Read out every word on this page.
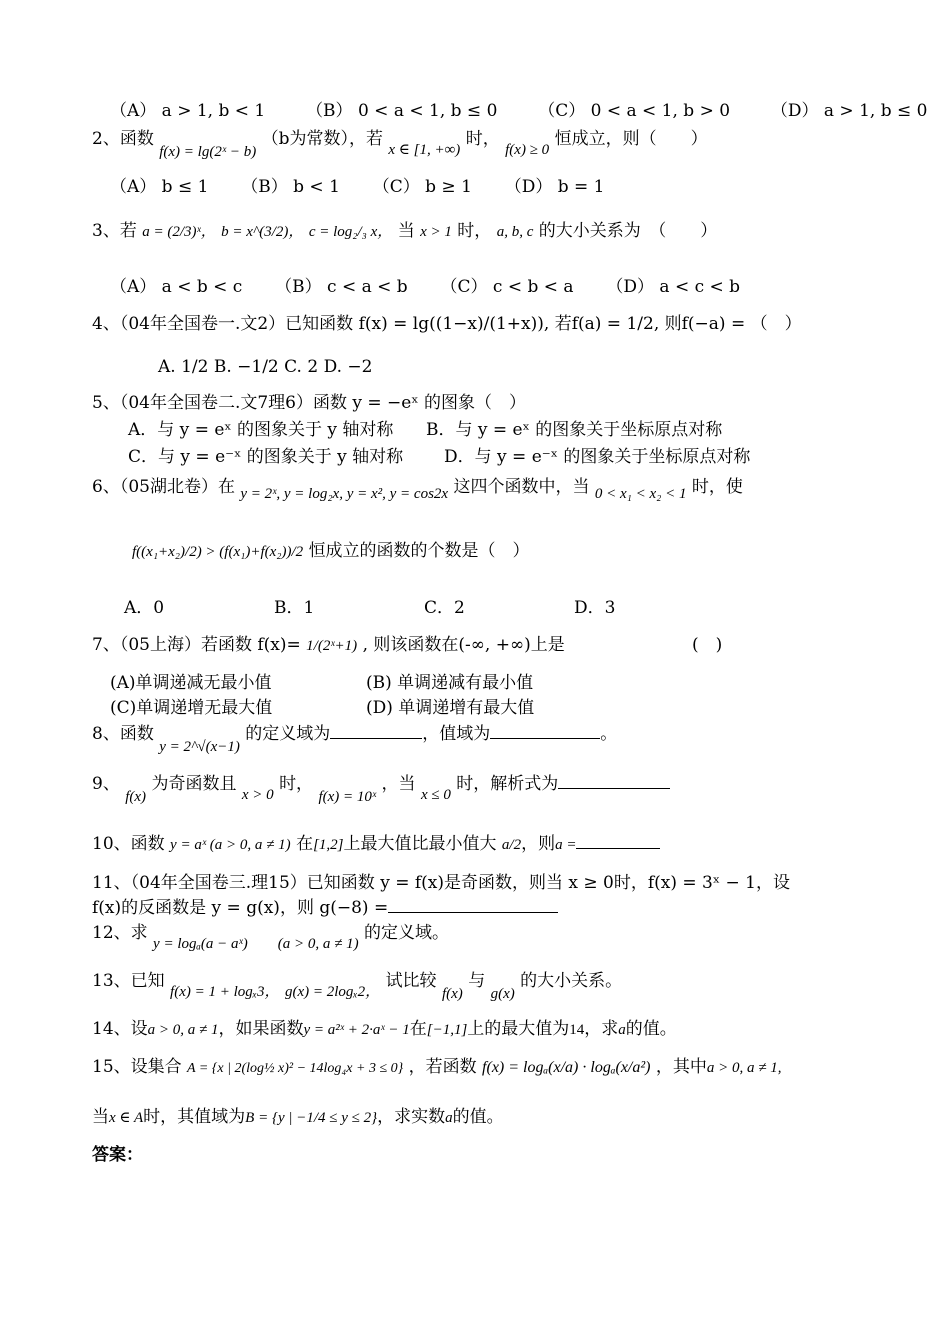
（A） a > 1, b < 1 （B） 0 < a < 1, b ≤ 0 （C） 0 < a < 1, b > 0 （D） a > 1, b ≤ 0
2、函数 f(x) = lg(2ˣ − b) （b为常数），若 x ∈ [1, +∞) 时， f(x) ≥ 0 恒成立，则（　　）
（A） b ≤ 1 （B） b < 1 （C） b ≥ 1 （D） b = 1
3、若 a = (2/3)ˣ， b = x^(3/2)， c = log₂/₃ x， 当 x > 1 时， a, b, c 的大小关系为　（　　）
（A） a < b < c （B） c < a < b （C） c < b < a （D） a < c < b
4、（04年全国卷一.文2）已知函数 f(x) = lg((1−x)/(1+x)), 若f(a) = 1/2, 则f(−a) = （　）
A. 1/2 B. −1/2 C. 2 D. −2
5、（04年全国卷二.文7理6）函数 y = −eˣ 的图象（　）
A．与 y = eˣ 的图象关于 y 轴对称 B．与 y = eˣ 的图象关于坐标原点对称
C．与 y = e⁻ˣ 的图象关于 y 轴对称 D．与 y = e⁻ˣ 的图象关于坐标原点对称
6、（05湖北卷）在 y = 2ˣ, y = log₂x, y = x², y = cos2x 这四个函数中，当 0 < x₁ < x₂ < 1 时，使
f((x₁+x₂)/2) > (f(x₁)+f(x₂))/2 恒成立的函数的个数是（　）
A．0	B．1	C．2	D．3
7、（05上海）若函数 f(x)= 1/(2ˣ+1) , 则该函数在(-∞, +∞)上是	(　)
(A)单调递减无最小值	(B) 单调递减有最小值
(C)单调递增无最大值	(D) 单调递增有最大值
8、函数 y = 2^√(x−1) 的定义域为	，值域为	。
9、 f(x) 为奇函数且 x > 0 时， f(x) = 10ˣ ，当 x ≤ 0 时，解析式为
10、函数 y = aˣ (a > 0, a ≠ 1) 在[1,2]上最大值比最小值大 a/2，则a =
11、（04年全国卷三.理15）已知函数 y = f(x)是奇函数，则当 x ≥ 0时，f(x) = 3ˣ − 1，设
f(x)的反函数是 y = g(x)，则 g(−8) =
12、求 y = logₐ(a − aˣ)　　(a > 0, a ≠ 1) 的定义域。
13、已知 f(x) = 1 + logₓ3， g(x) = 2logₓ2， 试比较 f(x) 与 g(x) 的大小关系。
14、设a > 0, a ≠ 1，如果函数y = a²ˣ + 2·aˣ − 1在[−1,1]上的最大值为14，求a的值。
15、设集合 A = {x | 2(log½ x)² − 14log₄x + 3 ≤ 0} ，若函数 f(x) = logₐ(x/a) · logₐ(x/a²) ，其中a > 0, a ≠ 1,
当x ∈ A时，其值域为B = {y | −1/4 ≤ y ≤ 2}，求实数a的值。
答案：
